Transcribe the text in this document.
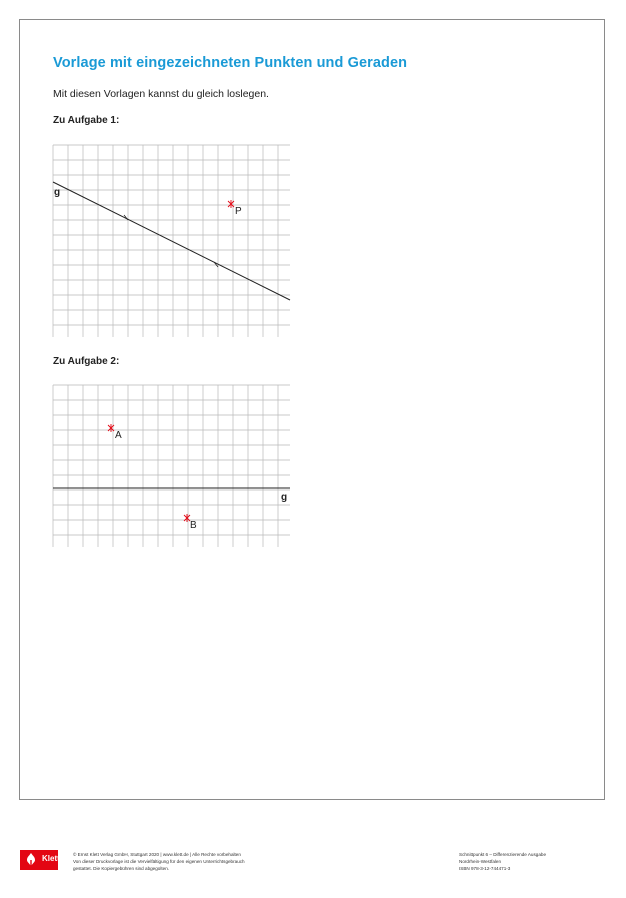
Vorlage mit eingezeichneten Punkten und Geraden
Mit diesen Vorlagen kannst du gleich loslegen.
Zu Aufgabe 1:
g
P
Zu Aufgabe 2:
g
A
B
Klett	© Ernst Klett Verlag GmbH, Stuttgart 2020 | www.klett.de | Alle Rechte vorbehalten
Von dieser Druckvorlage ist die Vervielfältigung für den eigenen Unterrichtsgebrauch
gestattet. Die Kopiergebühren sind abgegolten.
Schnittpunkt 6 – Differenzierende Ausgabe
Nordrhein-Westfalen
ISBN 978-3-12-744471-3
